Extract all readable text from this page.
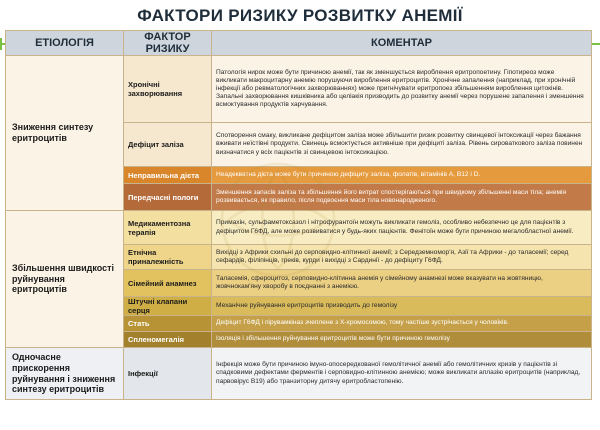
ФАКТОРИ РИЗИКУ РОЗВИТКУ АНЕМІЇ
ЕТІОЛОГІЯ	ФАКТОР РИЗИКУ	КОМЕНТАР
Зниження синтезу еритроцитів	Хронічні захворювання	Патологія нирок може бути причиною анемії, так як зменшується вироблення еритропоетину. Гіпотиреоз може викликати макроцитарну анемію порушуючи вироблення еритроцитів. Хронічне запалення (наприклад, при хронічній інфекції або ревматологічних захворюваннях) може пригнічувати еритропоез збільшенням вироблення цитокінів. Запальні захворювання кишківника або целіакія призводить до розвитку анемії через порушене запалення і зменшення всмоктування продуктів харчування.
	Дефіцит заліза	Спотворення смаку, викликане дефіцитом заліза може збільшити ризик розвитку свинцевої інтоксикації через бажання вживати неїстівні продукти. Свинець всмоктується активніше при дефіциті заліза. Рівень сироваткового заліза повинен визначатися у всіх пацієнтів зі свинцевою інтоксикацією.
	Неправильна дієта	Неадекватна дієта може бути причиною дефіциту заліза, фолатів, вітамінів А, В12 і D.
	Передчасні пологи	Зменшення запасів заліза та збільшення його витрат спостерігаються при швидкому збільшенні маси тіла; анемія розвивається, як правило, після подвоєння маси тіла новонародженого.
Збільшення швидкості руйнування еритроцитів	Медикаментозна терапія	Примахін, сульфаметоксазол і нітрофурантоїн можуть викликати гемоліз, особливо небезпечно це для пацієнтів з дефіцитом Г6ФД, але може розвиватися у будь-яких пацієнтів. Фенітоїн може бути причиною мегалобластної анемії.
	Етнічна приналежність	Вихідці з Африки схильні до серповидно-клітинної анемії; з Середземномор'я, Азії та Африки - до таласемії; серед сефардів, філіпінців, греків, курди і вихідці з Сардинії - до дефіциту Г6ФД.
	Сімейний анамнез	Таласемія, сфероцитоз, серповидно-клітинна анемія у сімейному анамнезі може вказувати на жовтяницю, жовчнокам'яну хворобу в поєднанні з анемією.
	Штучні клапани серця	Механічне руйнування еритроцитів призводить до гемолізу
	Стать	Дефіцит Г6ФД і пірувамкіназ зчеплене з Х-хромосомою, тому частіше зустрічається у чоловіків.
	Спленомегалія	Ізоляція і збільшення руйнування еритроцитів може бути причиною гемолізу
Одночасне прискорення руйнування і зниження синтезу еритроцитів	Інфекції	Інфекція може бути причиною імуно-опосередкованої гемолітичної анемії або гемолітичних кризів у пацієнтів зі спадковими дефектами ферментів і серповидно-клітинною анемією; може викликати аплазію еритроцитів (наприклад, парвовірус В19) або транзиторну дитячу еритробластопенію.
